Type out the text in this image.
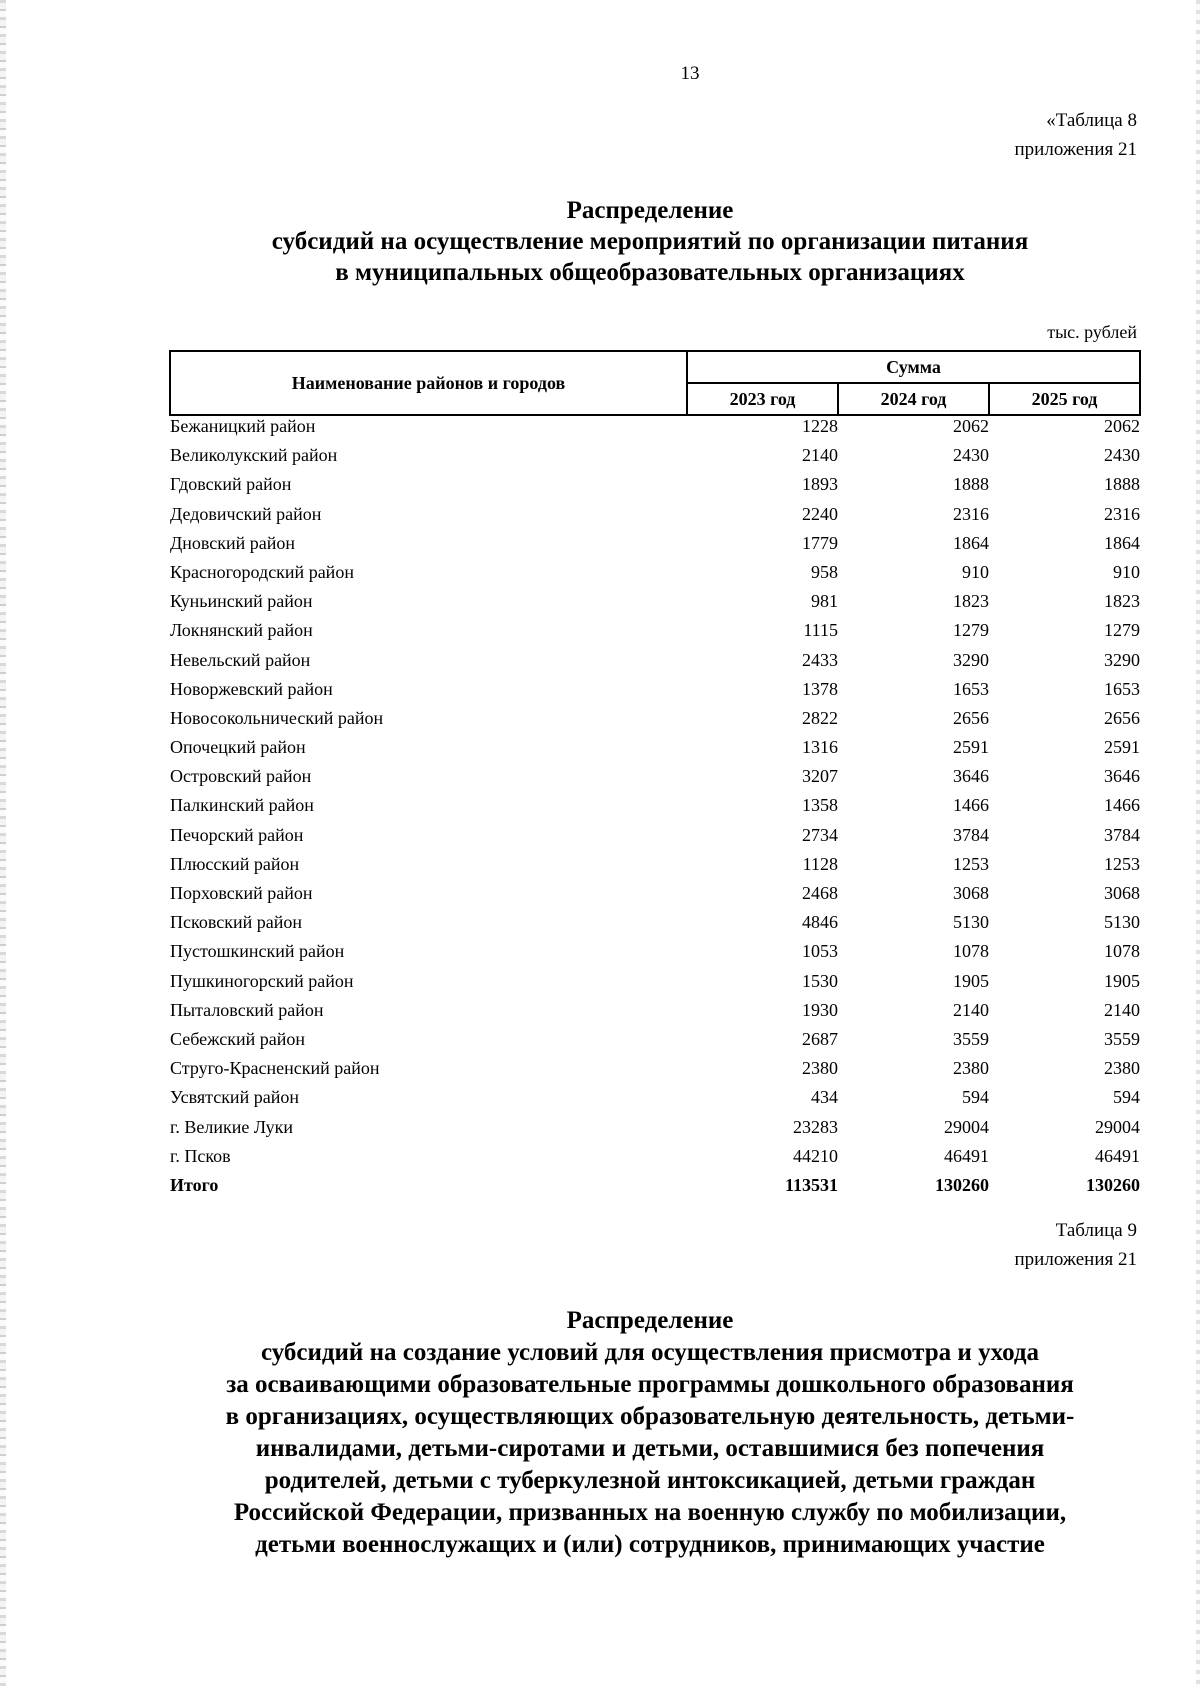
13
«Таблица 8
приложения 21
Распределение
субсидий на осуществление мероприятий по организации питания
в муниципальных общеобразовательных организациях
тыс. рублей
Наименование районов и городов	Сумма		
	2023 год	2024 год	2025 год
Бежаницкий район	1228	2062	2062
Великолукский район	2140	2430	2430
Гдовский район	1893	1888	1888
Дедовичский район	2240	2316	2316
Дновский район	1779	1864	1864
Красногородский район	958	910	910
Куньинский район	981	1823	1823
Локнянский район	1115	1279	1279
Невельский район	2433	3290	3290
Новоржевский район	1378	1653	1653
Новосокольнический район	2822	2656	2656
Опочецкий район	1316	2591	2591
Островский район	3207	3646	3646
Палкинский район	1358	1466	1466
Печорский район	2734	3784	3784
Плюсский район	1128	1253	1253
Порховский район	2468	3068	3068
Псковский район	4846	5130	5130
Пустошкинский район	1053	1078	1078
Пушкиногорский район	1530	1905	1905
Пыталовский район	1930	2140	2140
Себежский район	2687	3559	3559
Струго-Красненский район	2380	2380	2380
Усвятский район	434	594	594
г. Великие Луки	23283	29004	29004
г. Псков	44210	46491	46491
Итого	113531	130260	130260
Таблица 9
приложения 21
Распределение
субсидий на создание условий для осуществления присмотра и ухода
за осваивающими образовательные программы дошкольного образования
в организациях, осуществляющих образовательную деятельность, детьми-
инвалидами, детьми-сиротами и детьми, оставшимися без попечения
родителей, детьми с туберкулезной интоксикацией, детьми граждан
Российской Федерации, призванных на военную службу по мобилизации,
детьми военнослужащих и (или) сотрудников, принимающих участие
